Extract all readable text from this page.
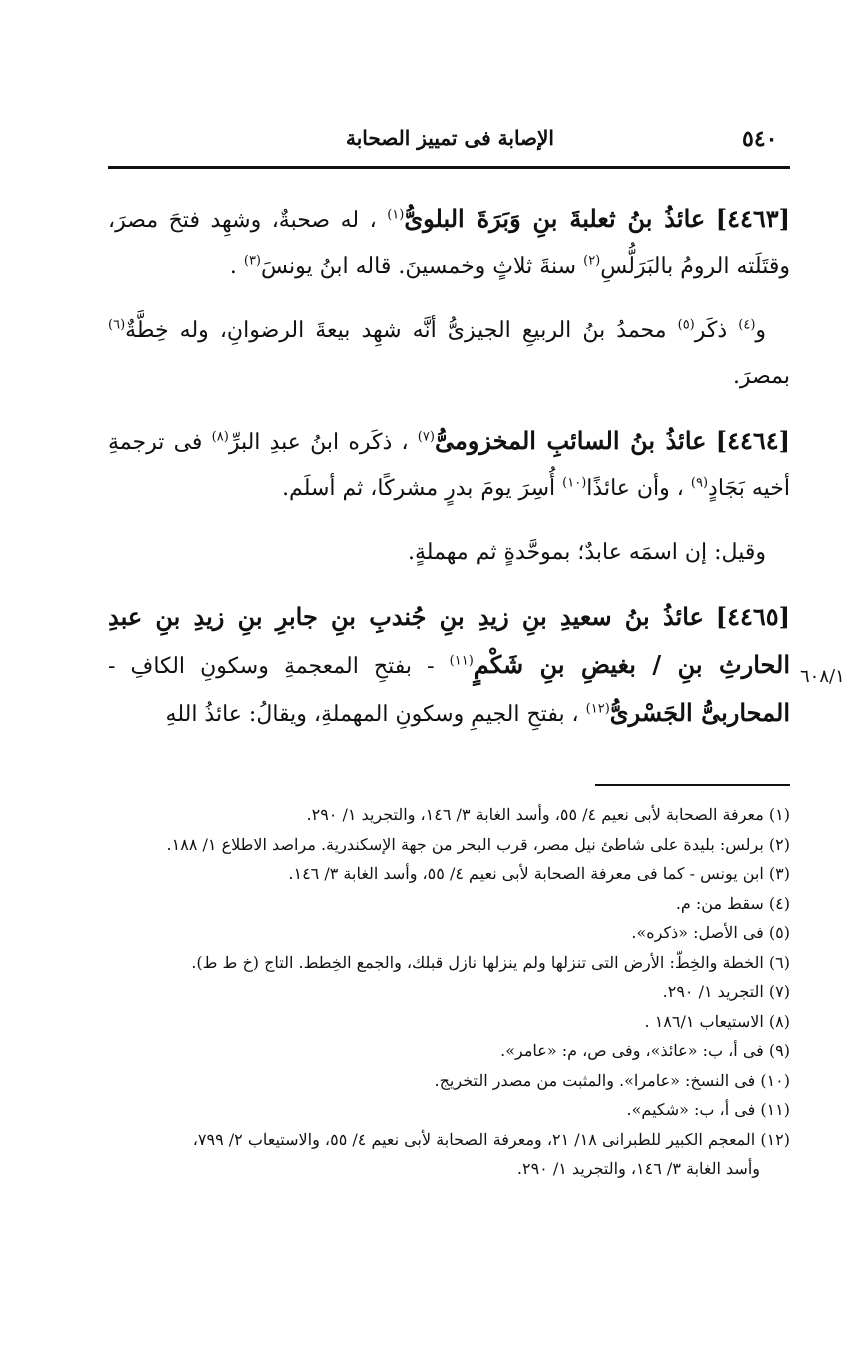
٥٤٠
الإصابة فى تمييز الصحابة

[٤٤٦٣] عائذُ بنُ ثعلبةَ بنِ وَبَرَةَ البلوىُّ$^{(١)}$ ، له صحبةٌ، وشهِد فتحَ مصرَ، وقتَلَته الرومُ بالبَرَلُّسِ$^{(٢)}$ سنةَ ثلاثٍ وخمسينَ. قاله ابنُ يونسَ$^{(٣)}$ .

و$^{(٤)}$ ذكَر$^{(٥)}$ محمدُ بنُ الربيعِ الجيزىُّ أنَّه شهِد بيعةَ الرضوانِ، وله خِطَّةٌ$^{(٦)}$ بمصرَ.

[٤٤٦٤] عائذُ بنُ السائبِ المخزومىُّ$^{(٧)}$ ، ذكَره ابنُ عبدِ البرِّ$^{(٨)}$ فى ترجمةِ أخيه بَجَادٍ$^{(٩)}$ ، وأن عائذًا$^{(١٠)}$ أُسِرَ يومَ بدرٍ مشركًا، ثم أسلَم.

وقيل: إن اسمَه عابدٌ؛ بموحَّدةٍ ثم مهملةٍ.

[٤٤٦٥] عائذُ بنُ سعيدِ بنِ زيدِ بنِ جُندبِ بنِ جابرِ بنِ زيدِ بنِ عبدِ الحارثِ بنِ / بغيضِ بنِ شَكْمٍ$^{(١١)}$ - بفتحِ المعجمةِ وسكونِ الكافِ - المحاربىُّ الجَسْرىُّ$^{(١٢)}$ ، بفتحِ الجيمِ وسكونِ المهملةِ، ويقالُ: عائذُ اللهِ

٦٠٨/١

(١) معرفة الصحابة لأبى نعيم ٤/ ٥٥، وأسد الغابة ٣/ ١٤٦، والتجريد ١/ ٢٩٠.

(٢) برلس: بليدة على شاطئ نيل مصر، قرب البحر من جهة الإسكندرية. مراصد الاطلاع ١/ ١٨٨.

(٣) ابن يونس - كما فى معرفة الصحابة لأبى نعيم ٤/ ٥٥، وأسد الغابة ٣/ ١٤٦.

(٤) سقط من: م.

(٥) فى الأصل: «ذكره».

(٦) الخطة والخِطّ: الأرض التى تنزلها ولم ينزلها نازل قبلك، والجمع الخِطط. التاج (خ ط ط).

(٧) التجريد ١/ ٢٩٠.

(٨) الاستيعاب ١٨٦/١ .

(٩) فى أ، ب: «عائذ»، وفى ص، م: «عامر».

(١٠) فى النسخ: «عامرا». والمثبت من مصدر التخريج.

(١١) فى أ، ب: «شكيم».

(١٢) المعجم الكبير للطبرانى ١٨/ ٢١، ومعرفة الصحابة لأبى نعيم ٤/ ٥٥، والاستيعاب ٢/ ٧٩٩،

وأسد الغابة ٣/ ١٤٦، والتجريد ١/ ٢٩٠.
